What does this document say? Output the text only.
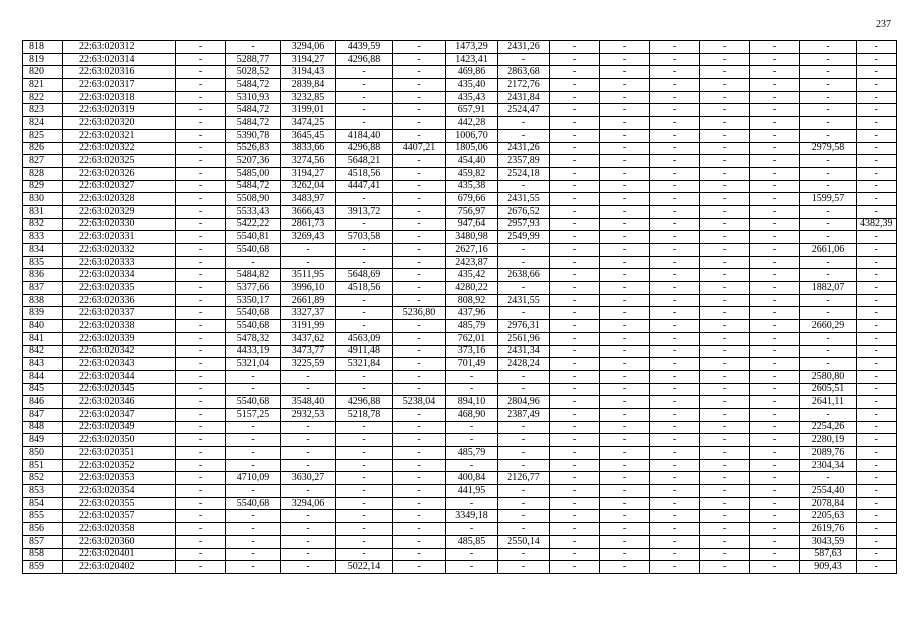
237
818	22:63:020312	-	-	3294,06	4439,59	-	1473,29	2431,26	-	-	-	-	-	-	-
819	22:63:020314	-	5288,77	3194,27	4296,88	-	1423,41	-	-	-	-	-	-	-	-
820	22:63:020316	-	5028,52	3194,43	-	-	469,86	2863,68	-	-	-	-	-	-	-
821	22:63:020317	-	5484,72	2839,84	-	-	435,40	2172,76	-	-	-	-	-	-	-
822	22:63:020318	-	5310,93	3232,85	-	-	435,43	2431,84	-	-	-	-	-	-	-
823	22:63:020319	-	5484,72	3199,01	-	-	657,91	2524,47	-	-	-	-	-	-	-
824	22:63:020320	-	5484,72	3474,25	-	-	442,28	-	-	-	-	-	-	-	-
825	22:63:020321	-	5390,78	3645,45	4184,40	-	1006,70	-	-	-	-	-	-	-	-
826	22:63:020322	-	5526,83	3833,66	4296,88	4407,21	1805,06	2431,26	-	-	-	-	-	2979,58	-
827	22:63:020325	-	5207,36	3274,56	5648,21	-	454,40	2357,89	-	-	-	-	-	-	-
828	22:63:020326	-	5485,00	3194,27	4518,56	-	459,82	2524,18	-	-	-	-	-	-	-
829	22:63:020327	-	5484,72	3262,04	4447,41	-	435,38	-	-	-	-	-	-	-	-
830	22:63:020328	-	5508,90	3483,97	-	-	679,66	2431,55	-	-	-	-	-	1599,57	-
831	22:63:020329	-	5533,43	3666,43	3913,72	-	756,97	2676,52	-	-	-	-	-	-	-
832	22:63:020330	-	5422,22	2861,73	-	-	947,64	2957,93	-	-	-	-	-	-	4382,39
833	22:63:020331	-	5540,81	3269,43	5703,58	-	3480,98	2549,99	-	-	-	-	-	-	-
834	22:63:020332	-	5540,68	-	-	-	2627,16	-	-	-	-	-	-	2661,06	-
835	22:63:020333	-	-	-	-	-	2423,87	-	-	-	-	-	-	-	-
836	22:63:020334	-	5484,82	3511,95	5648,69	-	435,42	2638,66	-	-	-	-	-	-	-
837	22:63:020335	-	5377,66	3996,10	4518,56	-	4280,22	-	-	-	-	-	-	1882,07	-
838	22:63:020336	-	5350,17	2661,89	-	-	808,92	2431,55	-	-	-	-	-	-	-
839	22:63:020337	-	5540,68	3327,37	-	5236,80	437,96	-	-	-	-	-	-	-	-
840	22:63:020338	-	5540,68	3191,99	-	-	485,79	2976,31	-	-	-	-	-	2660,29	-
841	22:63:020339	-	5478,32	3437,62	4563,09	-	762,01	2561,96	-	-	-	-	-	-	-
842	22:63:020342	-	4433,19	3473,77	4911,48	-	373,16	2431,34	-	-	-	-	-	-	-
843	22:63:020343	-	5321,04	3225,59	5321,84	-	701,49	2428,24	-	-	-	-	-	-	-
844	22:63:020344	-	-	-	-	-	-	-	-	-	-	-	-	2580,80	-
845	22:63:020345	-	-	-	-	-	-	-	-	-	-	-	-	2605,51	-
846	22:63:020346	-	5540,68	3548,40	4296,88	5238,04	894,10	2804,96	-	-	-	-	-	2641,11	-
847	22:63:020347	-	5157,25	2932,53	5218,78	-	468,90	2387,49	-	-	-	-	-	-	-
848	22:63:020349	-	-	-	-	-	-	-	-	-	-	-	-	2254,26	-
849	22:63:020350	-	-	-	-	-	-	-	-	-	-	-	-	2280,19	-
850	22:63:020351	-	-	-	-	-	485,79	-	-	-	-	-	-	2089,76	-
851	22:63:020352	-	-	-	-	-	-	-	-	-	-	-	-	2304,34	-
852	22:63:020353	-	4710,09	3630,27	-	-	400,84	2126,77	-	-	-	-	-	-	-
853	22:63:020354	-	-	-	-	-	441,95	-	-	-	-	-	-	2554,40	-
854	22:63:020355	-	5540,68	3294,06	-	-	-	-	-	-	-	-	-	2078,84	-
855	22:63:020357	-	-	-	-	-	3349,18	-	-	-	-	-	-	2205,63	-
856	22:63:020358	-	-	-	-	-	-	-	-	-	-	-	-	2619,76	-
857	22:63:020360	-	-	-	-	-	485,85	2550,14	-	-	-	-	-	3043,59	-
858	22:63:020401	-	-	-	-	-	-	-	-	-	-	-	-	587,63	-
859	22:63:020402	-	-	-	5022,14	-	-	-	-	-	-	-	-	909,43	-
